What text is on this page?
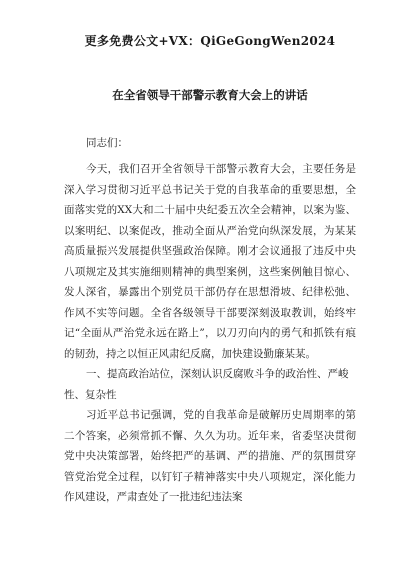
更多免费公文+VX：QiGeGongWen2024
在全省领导干部警示教育大会上的讲话

同志们：

今天，我们召开全省领导干部警示教育大会，主要任务是深入学习贯彻习近平总书记关于党的自我革命的重要思想，全面落实党的XX大和二十届中央纪委五次全会精神，以案为鉴、以案明纪、以案促改，推动全面从严治党向纵深发展，为某某高质量振兴发展提供坚强政治保障。刚才会议通报了违反中央八项规定及其实施细则精神的典型案例，这些案例触目惊心、发人深省，暴露出个别党员干部仍存在思想滑坡、纪律松弛、作风不实等问题。全省各级领导干部要深刻汲取教训，始终牢记“全面从严治党永远在路上”，以刀刃向内的勇气和抓铁有痕的韧劲，持之以恒正风肃纪反腐，加快建设勤廉某某。

一、提高政治站位，深刻认识反腐败斗争的政治性、严峻性、复杂性

习近平总书记强调，党的自我革命是破解历史周期率的第二个答案，必须常抓不懈、久久为功。近年来，省委坚决贯彻党中央决策部署，始终把严的基调、严的措施、严的氛围贯穿管党治党全过程，以钉钉子精神落实中央八项规定，深化能力作风建设，严肃查处了一批违纪违法案
